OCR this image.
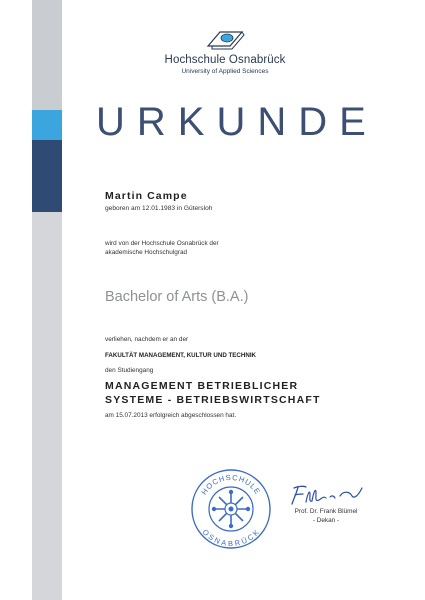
Hochschule Osnabrück
University of Applied Sciences
URKUNDE
Martin Campe
geboren am 12.01.1983 in Gütersloh
wird von der Hochschule Osnabrück der
akademische Hochschulgrad
Bachelor of Arts (B.A.)
verliehen, nachdem er an der
FAKULTÄT MANAGEMENT, KULTUR UND TECHNIK
den Studiengang
MANAGEMENT BETRIEBLICHER
SYSTEME - BETRIEBSWIRTSCHAFT
am 15.07.2013 erfolgreich abgeschlossen hat.
HOCHSCHULE
OSNABRÜCK
Prof. Dr. Frank Blümel
- Dekan -
